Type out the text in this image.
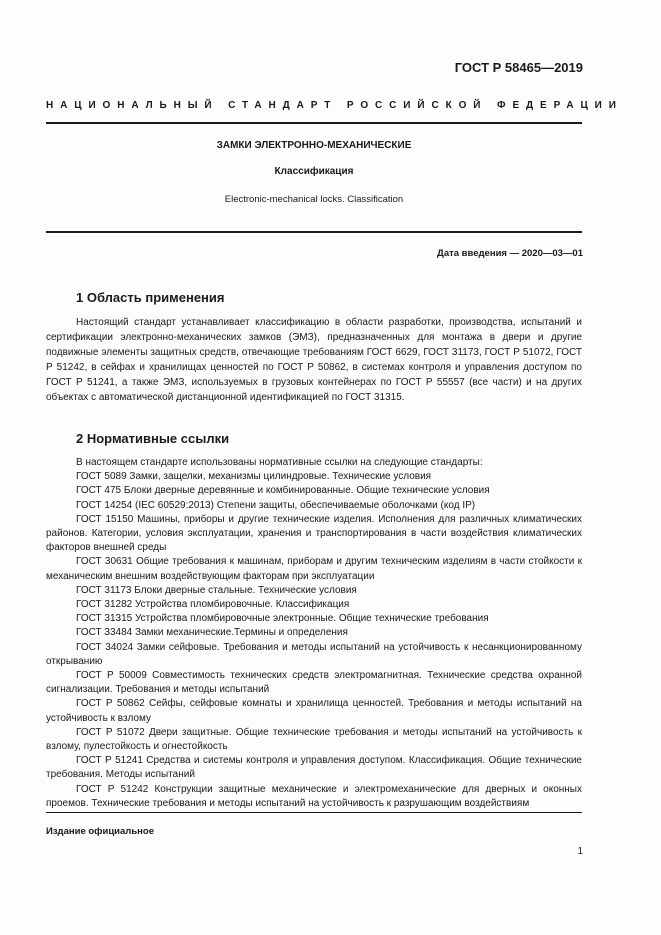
ГОСТ Р 58465—2019
НАЦИОНАЛЬНЫЙ СТАНДАРТ РОССИЙСКОЙ ФЕДЕРАЦИИ
ЗАМКИ ЭЛЕКТРОННО-МЕХАНИЧЕСКИЕ
Классификация
Electronic-mechanical locks. Classification
Дата введения — 2020—03—01
1 Область применения
Настоящий стандарт устанавливает классификацию в области разработки, производства, испытаний и сертификации электронно-механических замков (ЭМЗ), предназначенных для монтажа в двери и другие подвижные элементы защитных средств, отвечающие требованиям ГОСТ 6629, ГОСТ 31173, ГОСТ Р 51072, ГОСТ Р 51242, в сейфах и хранилищах ценностей по ГОСТ Р 50862, в системах контроля и управления доступом по ГОСТ Р 51241, а также ЭМЗ, используемых в грузовых контейнерах по ГОСТ Р 55557 (все части) и на других объектах с автоматической дистанционной идентификацией по ГОСТ 31315.
2 Нормативные ссылки
В настоящем стандарте использованы нормативные ссылки на следующие стандарты:
ГОСТ 5089 Замки, защелки, механизмы цилиндровые. Технические условия
ГОСТ 475 Блоки дверные деревянные и комбинированные. Общие технические условия
ГОСТ 14254 (IEC 60529:2013) Степени защиты, обеспечиваемые оболочками (код IP)
ГОСТ 15150 Машины, приборы и другие технические изделия. Исполнения для различных климатических районов. Категории, условия эксплуатации, хранения и транспортирования в части воздействия климатических факторов внешней среды
ГОСТ 30631 Общие требования к машинам, приборам и другим техническим изделиям в части стойкости к механическим внешним воздействующим факторам при эксплуатации
ГОСТ 31173 Блоки дверные стальные. Технические условия
ГОСТ 31282 Устройства пломбировочные. Классификация
ГОСТ 31315 Устройства пломбировочные электронные. Общие технические требования
ГОСТ 33484 Замки механические.Термины и определения
ГОСТ 34024 Замки сейфовые. Требования и методы испытаний на устойчивость к несанкционированному открыванию
ГОСТ Р 50009 Совместимость технических средств электромагнитная. Технические средства охранной сигнализации. Требования и методы испытаний
ГОСТ Р 50862 Сейфы, сейфовые комнаты и хранилища ценностей. Требования и методы испытаний на устойчивость к взлому
ГОСТ Р 51072 Двери защитные. Общие технические требования и методы испытаний на устойчивость к взлому, пулестойкость и огнестойкость
ГОСТ Р 51241 Средства и системы контроля и управления доступом. Классификация. Общие технические требования. Методы испытаний
ГОСТ Р 51242 Конструкции защитные механические и электромеханические для дверных и оконных проемов. Технические требования и методы испытаний на устойчивость к разрушающим воздействиям
Издание официальное
1
